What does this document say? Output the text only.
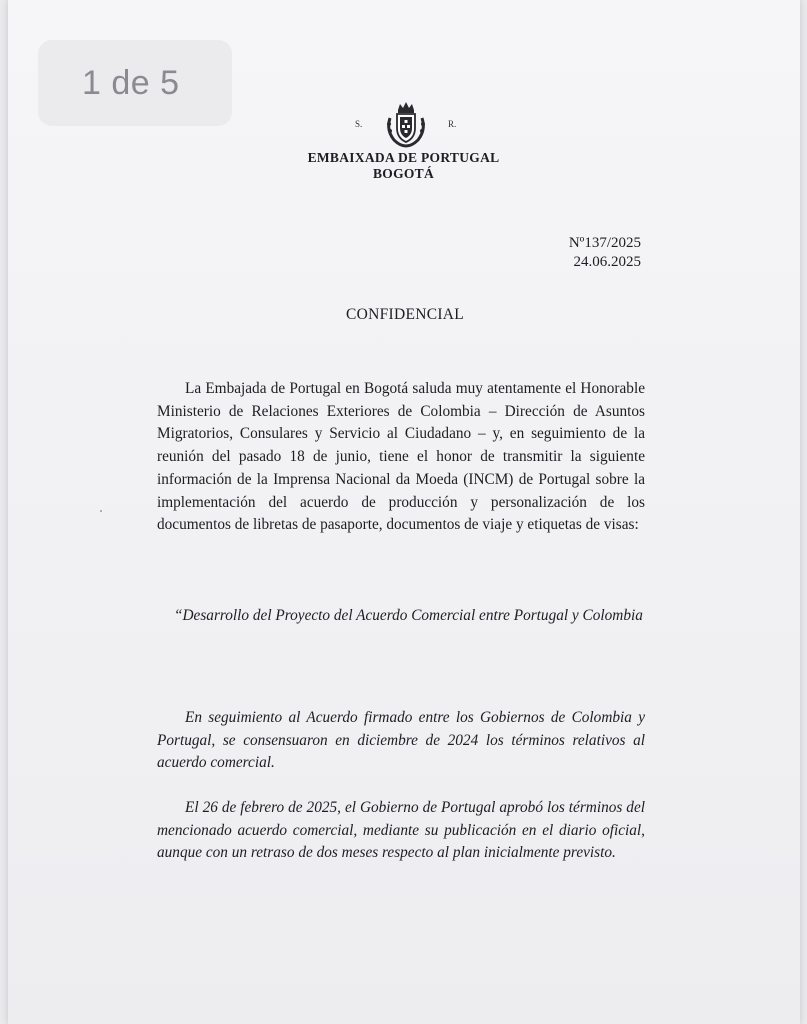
1 de 5
S.	R.
EMBAIXADA DE PORTUGAL
BOGOTÁ
Nº137/2025
24.06.2025
CONFIDENCIAL

La Embajada de Portugal en Bogotá saluda muy atentamente el Honorable Ministerio de Relaciones Exteriores de Colombia – Dirección de Asuntos Migratorios, Consulares y Servicio al Ciudadano – y, en seguimiento de la reunión del pasado 18 de junio, tiene el honor de transmitir la siguiente información de la Imprensa Nacional da Moeda (INCM) de Portugal sobre la implementación del acuerdo de producción y personalización de los documentos de libretas de pasaporte, documentos de viaje y etiquetas de visas:

“Desarrollo del Proyecto del Acuerdo Comercial entre Portugal y Colombia

En seguimiento al Acuerdo firmado entre los Gobiernos de Colombia y Portugal, se consensuaron en diciembre de 2024 los términos relativos al acuerdo comercial.

El 26 de febrero de 2025, el Gobierno de Portugal aprobó los términos del mencionado acuerdo comercial, mediante su publicación en el diario oficial, aunque con un retraso de dos meses respecto al plan inicialmente previsto.
